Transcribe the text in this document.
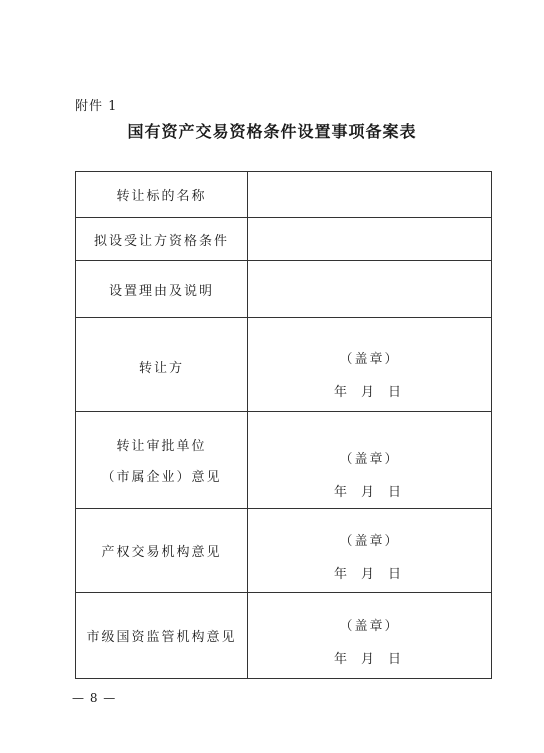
附件 1
国有资产交易资格条件设置事项备案表
转让标的名称	
拟设受让方资格条件	
设置理由及说明	
转让方	（盖章）
年月日

转让审批单位
（市属企业）意见	（盖章）
年月日

产权交易机构意见	（盖章）
年月日

市级国资监管机构意见	（盖章）
年月日
— 8 —
